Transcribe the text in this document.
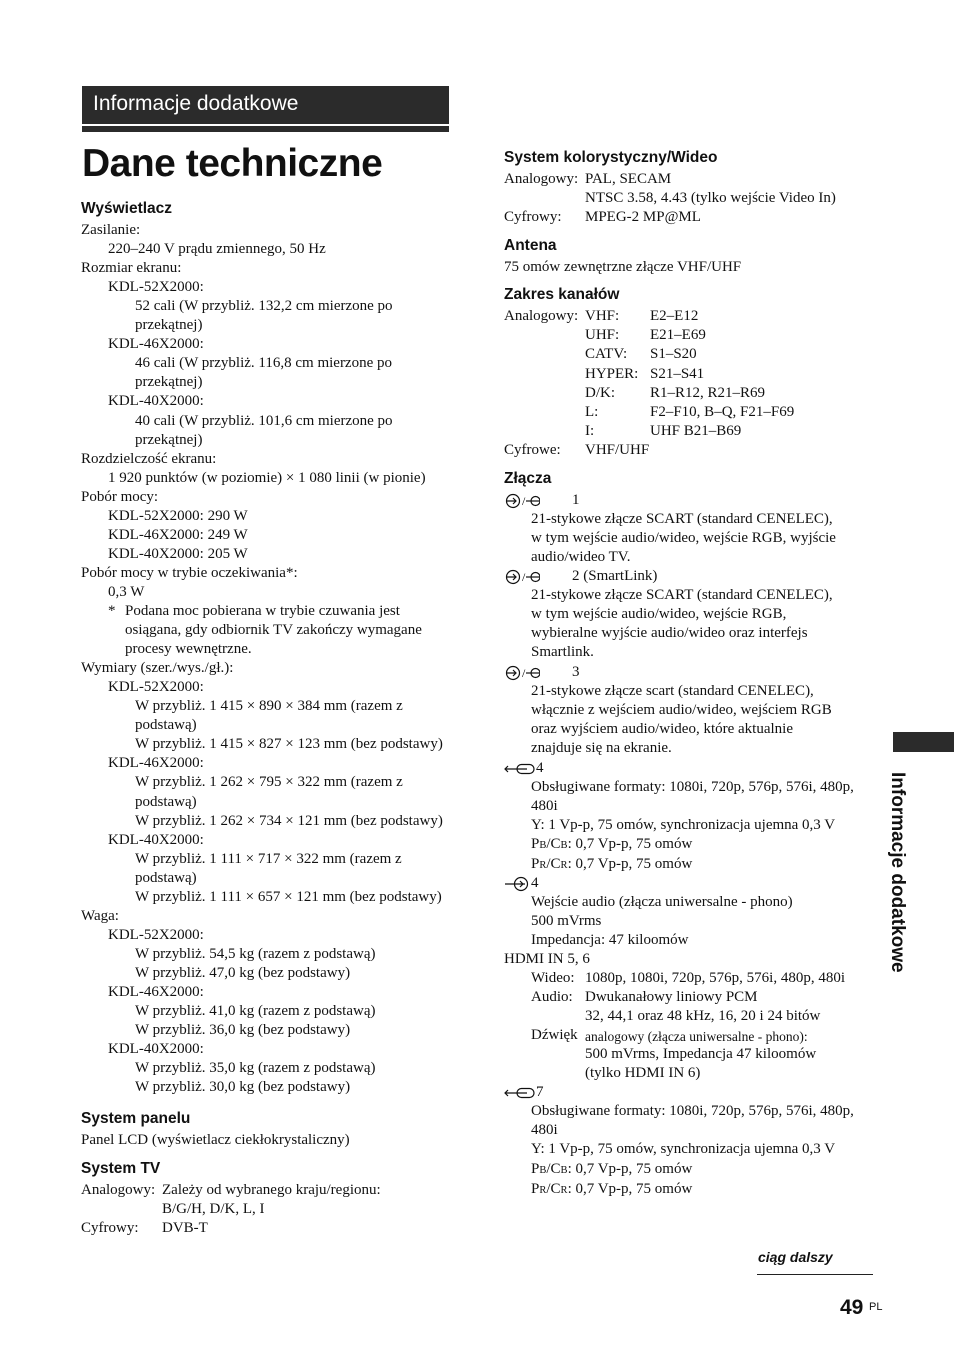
Informacje dodatkowe
Dane techniczne
Informacje dodatkowe
ciąg dalszy
49 PL
Wyświetlacz
Zasilanie:
220–240 V prądu zmiennego, 50 Hz
Rozmiar ekranu:
KDL-52X2000:
52 cali (W przybliż. 132,2 cm mierzone po
przekątnej)
KDL-46X2000:
46 cali (W przybliż. 116,8 cm mierzone po
przekątnej)
KDL-40X2000:
40 cali (W przybliż. 101,6 cm mierzone po
przekątnej)
Rozdzielczość ekranu:
1 920 punktów (w poziomie) × 1 080 linii (w pionie)
Pobór mocy:
KDL-52X2000: 290 W
KDL-46X2000: 249 W
KDL-40X2000: 205 W
Pobór mocy w trybie oczekiwania*:
0,3 W
* Podana moc pobierana w trybie czuwania jest
osiągana, gdy odbiornik TV zakończy wymagane
procesy wewnętrzne.
Wymiary (szer./wys./gł.):
KDL-52X2000:
W przybliż. 1 415 × 890 × 384 mm (razem z
podstawą)
W przybliż. 1 415 × 827 × 123 mm (bez podstawy)
KDL-46X2000:
W przybliż. 1 262 × 795 × 322 mm (razem z
podstawą)
W przybliż. 1 262 × 734 × 121 mm (bez podstawy)
KDL-40X2000:
W przybliż. 1 111 × 717 × 322 mm (razem z
podstawą)
W przybliż. 1 111 × 657 × 121 mm (bez podstawy)
Waga:
KDL-52X2000:
W przybliż. 54,5 kg (razem z podstawą)
W przybliż. 47,0 kg (bez podstawy)
KDL-46X2000:
W przybliż. 41,0 kg (razem z podstawą)
W przybliż. 36,0 kg (bez podstawy)
KDL-40X2000:
W przybliż. 35,0 kg (razem z podstawą)
W przybliż. 30,0 kg (bez podstawy)
System panelu
Panel LCD (wyświetlacz ciekłokrystaliczny)
System TV
Analogowy: Zależy od wybranego kraju/regionu:
B/G/H, D/K, L, I
Cyfrowy: DVB-T
System kolorystyczny/Wideo
Analogowy: PAL, SECAM
NTSC 3.58, 4.43 (tylko wejście Video In)
Cyfrowy: MPEG-2 MP@ML
Antena
75 omów zewnętrzne złącze VHF/UHF
Zakres kanałów
Analogowy: VHF: E2–E12
UHF: E21–E69
CATV: S1–S20
HYPER: S21–S41
D/K: R1–R12, R21–R69
L:	F2–F10, B–Q, F21–F69
I:	UHF B21–B69
Cyfrowe: VHF/UHF
Złącza
/	1
21-stykowe złącze SCART (standard CENELEC),
w tym wejście audio/wideo, wejście RGB, wyjście
audio/wideo TV.
/	2 (SmartLink)
21-stykowe złącze SCART (standard CENELEC),
w tym wejście audio/wideo, wejście RGB,
wybieralne wyjście audio/wideo oraz interfejs
Smartlink.
/	3
21-stykowe złącze scart (standard CENELEC),
włącznie z wejściem audio/wideo, wejściem RGB
oraz wyjściem audio/wideo, które aktualnie
znajduje się na ekranie.
4
Obsługiwane formaty: 1080i, 720p, 576p, 576i, 480p,
480i
Y: 1 Vp-p, 75 omów, synchronizacja ujemna 0,3 V
PB/CB: 0,7 Vp-p, 75 omów
PR/CR: 0,7 Vp-p, 75 omów
4
Wejście audio (złącza uniwersalne - phono)
500 mVrms
Impedancja: 47 kiloomów
HDMI IN 5, 6
Wideo: 1080p, 1080i, 720p, 576p, 576i, 480p, 480i
Audio: Dwukanałowy liniowy PCM
32, 44,1 oraz 48 kHz, 16, 20 i 24 bitów
Dźwięk analogowy (złącza uniwersalne - phono):
500 mVrms, Impedancja 47 kiloomów
(tylko HDMI IN 6)
7
Obsługiwane formaty: 1080i, 720p, 576p, 576i, 480p,
480i
Y: 1 Vp-p, 75 omów, synchronizacja ujemna 0,3 V
PB/CB: 0,7 Vp-p, 75 omów
PR/CR: 0,7 Vp-p, 75 omów
